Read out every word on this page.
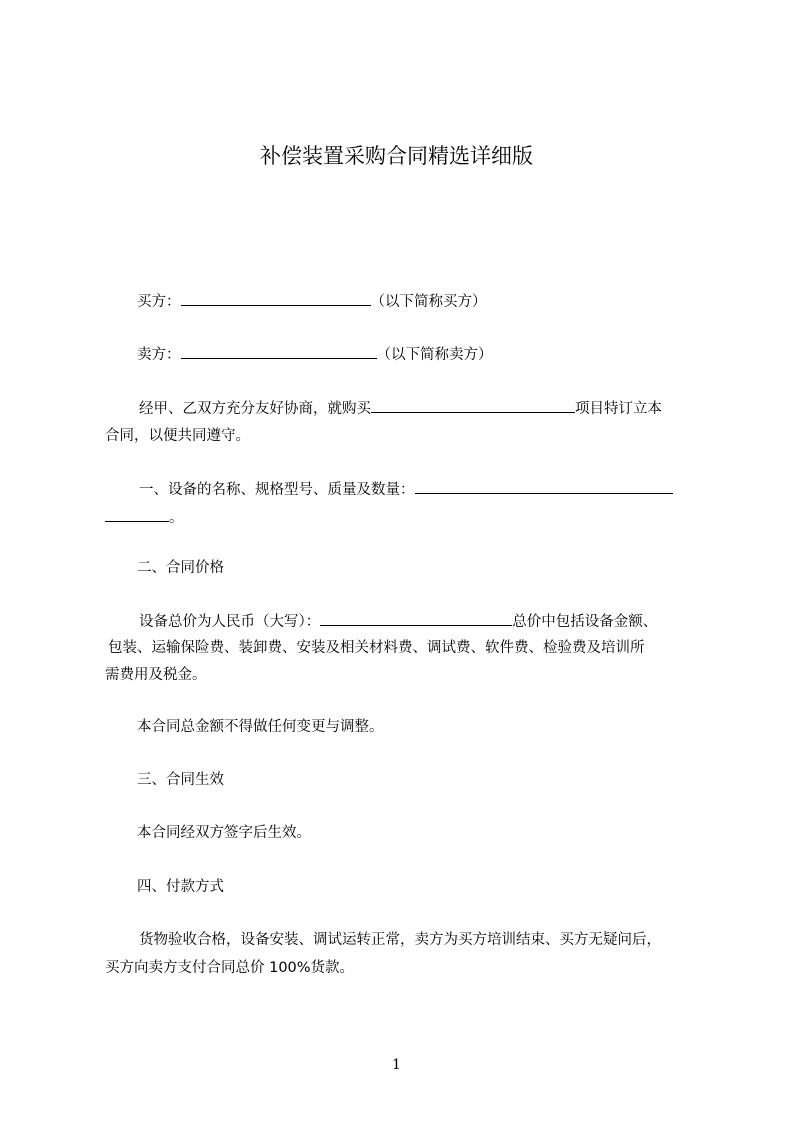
补偿装置采购合同精选详细版
买方：	（以下简称买方）
卖方：	（以下简称卖方）
经甲、乙双方充分友好协商，就购买	项目特订立本
合同，以便共同遵守。
一、设备的名称、规格型号、质量及数量：
。
二、合同价格
设备总价为人民币（大写）：	总价中包括设备金额、
包装、运输保险费、装卸费、安装及相关材料费、调试费、软件费、检验费及培训所
需费用及税金。
本合同总金额不得做任何变更与调整。
三、合同生效
本合同经双方签字后生效。
四、付款方式
货物验收合格，设备安装、调试运转正常，卖方为买方培训结束、买方无疑问后，
买方向卖方支付合同总价 100%货款。
1
